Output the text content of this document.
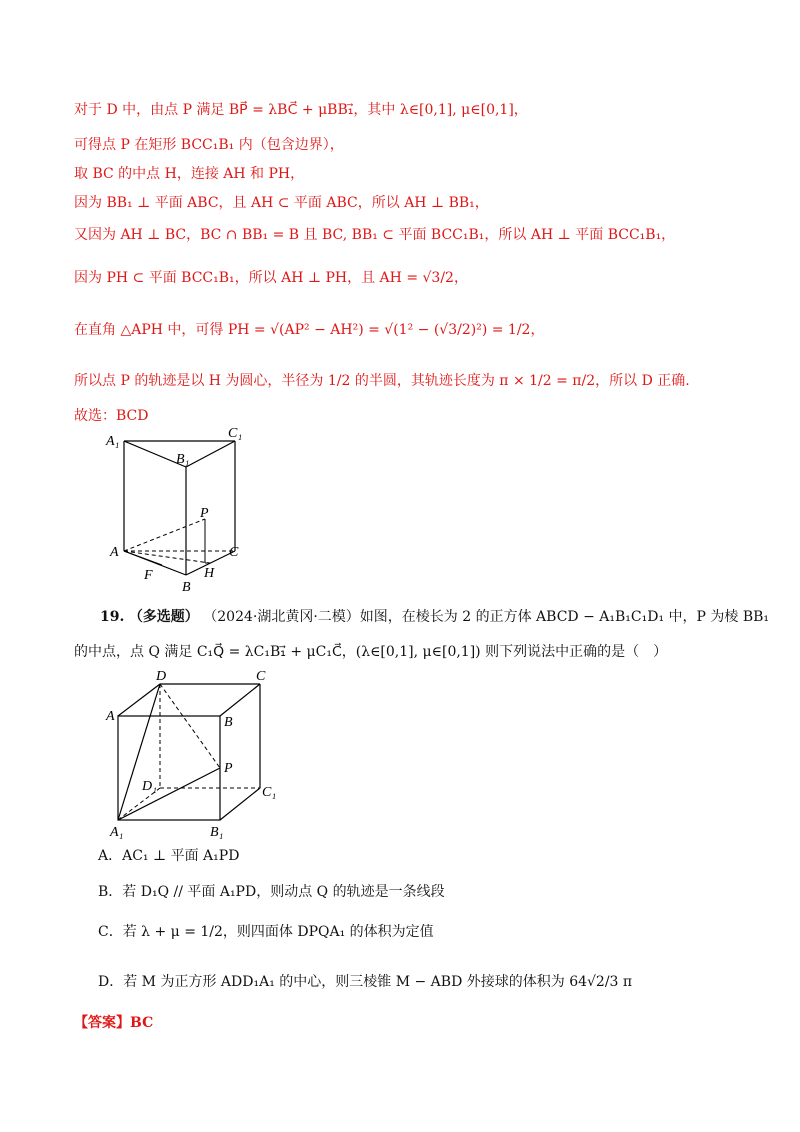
对于 D 中，由点 P 满足 BP⃗ = λBC⃗ + μBB₁⃗，其中 λ∈[0,1], μ∈[0,1]，
可得点 P 在矩形 BCC₁B₁ 内（包含边界），
取 BC 的中点 H，连接 AH 和 PH，
因为 BB₁ ⊥ 平面 ABC，且 AH ⊂ 平面 ABC，所以 AH ⊥ BB₁，
又因为 AH ⊥ BC，BC ∩ BB₁ = B 且 BC, BB₁ ⊂ 平面 BCC₁B₁，所以 AH ⊥ 平面 BCC₁B₁，
因为 PH ⊂ 平面 BCC₁B₁，所以 AH ⊥ PH，且 AH = √3/2，
在直角 △APH 中，可得 PH = √(AP² − AH²) = √(1² − (√3/2)²) = 1/2，
所以点 P 的轨迹是以 H 为圆心，半径为 1/2 的半圆，其轨迹长度为 π × 1/2 = π/2，所以 D 正确.
故选：BCD
A₁
C₁
B₁
P
A	C
H
F
B
19. （多选题） （2024·湖北黄冈·二模）如图，在棱长为 2 的正方体 ABCD − A₁B₁C₁D₁ 中，P 为棱 BB₁
的中点，点 Q 满足 C₁Q⃗ = λC₁B₁⃗ + μC₁C⃗，(λ∈[0,1], μ∈[0,1]) 则下列说法中正确的是（　）
D	C
A	B
P
D₁	C₁
A₁	B₁
A．AC₁ ⊥ 平面 A₁PD
B．若 D₁Q // 平面 A₁PD，则动点 Q 的轨迹是一条线段
C．若 λ + μ = 1/2，则四面体 DPQA₁ 的体积为定值
D．若 M 为正方形 ADD₁A₁ 的中心，则三棱锥 M − ABD 外接球的体积为 64√2/3 π
【答案】BC
